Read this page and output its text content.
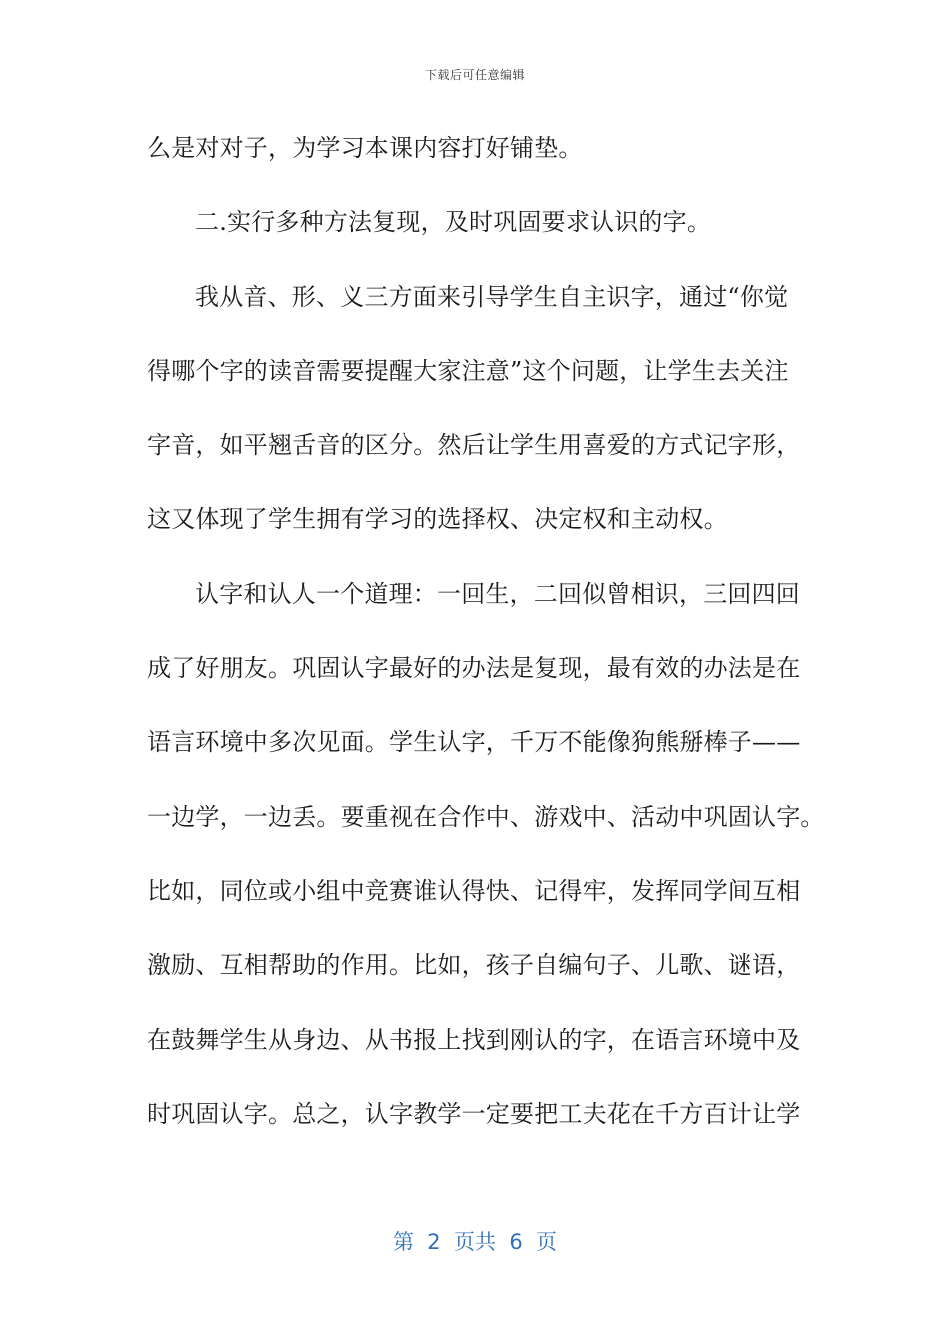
下载后可任意编辑
么是对对子，为学习本课内容打好铺垫。
二.实行多种方法复现，及时巩固要求认识的字。
我从音、形、义三方面来引导学生自主识字，通过“你觉
得哪个字的读音需要提醒大家注意”这个问题，让学生去关注
字音，如平翘舌音的区分。然后让学生用喜爱的方式记字形，
这又体现了学生拥有学习的选择权、决定权和主动权。
认字和认人一个道理：一回生，二回似曾相识，三回四回
成了好朋友。巩固认字最好的办法是复现，最有效的办法是在
语言环境中多次见面。学生认字，千万不能像狗熊掰棒子——
一边学，一边丢。要重视在合作中、游戏中、活动中巩固认字。
比如，同位或小组中竞赛谁认得快、记得牢，发挥同学间互相
激励、互相帮助的作用。比如，孩子自编句子、儿歌、谜语，
在鼓舞学生从身边、从书报上找到刚认的字，在语言环境中及
时巩固认字。总之，认字教学一定要把工夫花在千方百计让学
第  2  页共  6  页
